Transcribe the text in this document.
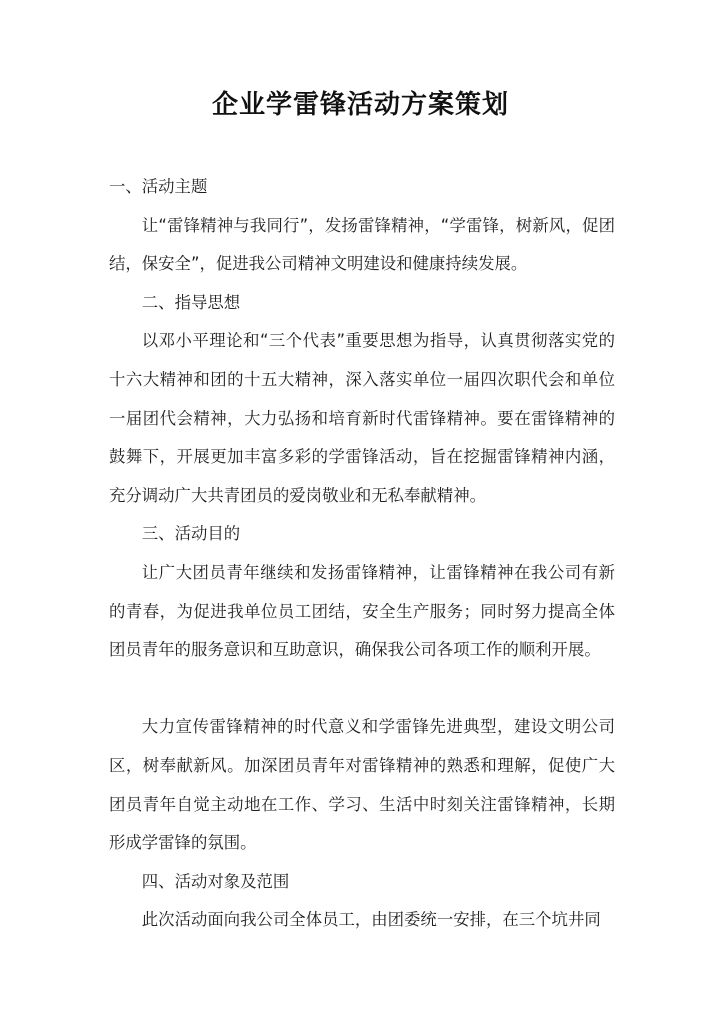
企业学雷锋活动方案策划

一、活动主题

让“雷锋精神与我同行”，发扬雷锋精神，“学雷锋，树新风，促团结，保安全”，促进我公司精神文明建设和健康持续发展。

二、指导思想

以邓小平理论和“三个代表”重要思想为指导，认真贯彻落实党的十六大精神和团的十五大精神，深入落实单位一届四次职代会和单位一届团代会精神，大力弘扬和培育新时代雷锋精神。要在雷锋精神的鼓舞下，开展更加丰富多彩的学雷锋活动，旨在挖掘雷锋精神内涵，充分调动广大共青团员的爱岗敬业和无私奉献精神。

三、活动目的

让广大团员青年继续和发扬雷锋精神，让雷锋精神在我公司有新的青春，为促进我单位员工团结，安全生产服务；同时努力提高全体团员青年的服务意识和互助意识，确保我公司各项工作的顺利开展。

大力宣传雷锋精神的时代意义和学雷锋先进典型，建设文明公司区，树奉献新风。加深团员青年对雷锋精神的熟悉和理解，促使广大团员青年自觉主动地在工作、学习、生活中时刻关注雷锋精神，长期形成学雷锋的氛围。

四、活动对象及范围

此次活动面向我公司全体员工，由团委统一安排，在三个坑井同
